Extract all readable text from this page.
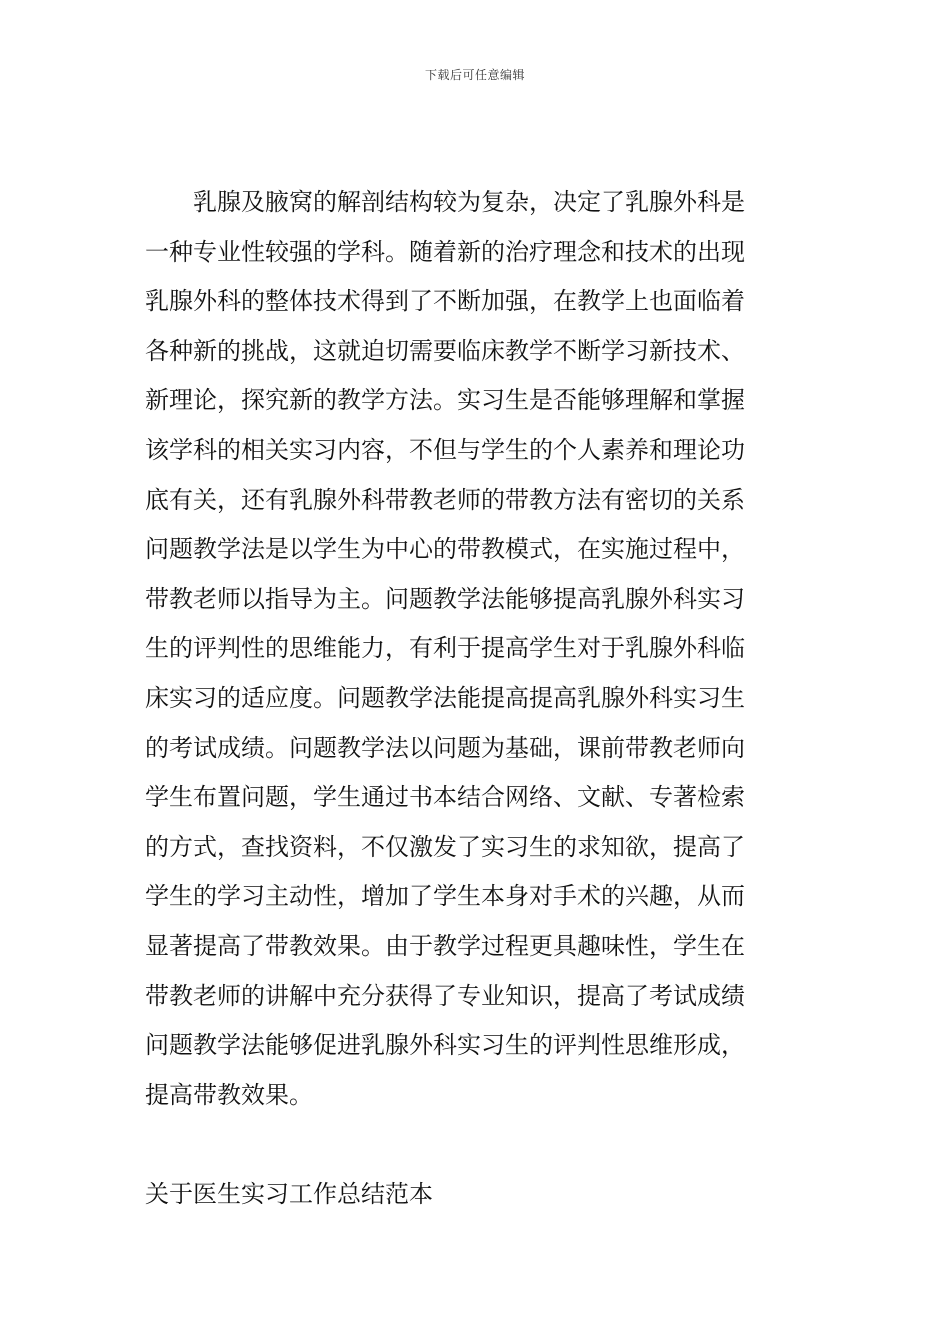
下载后可任意编辑
　　乳腺及腋窝的解剖结构较为复杂，决定了乳腺外科是
一种专业性较强的学科。随着新的治疗理念和技术的出现
乳腺外科的整体技术得到了不断加强，在教学上也面临着
各种新的挑战，这就迫切需要临床教学不断学习新技术、
新理论，探究新的教学方法。实习生是否能够理解和掌握
该学科的相关实习内容，不但与学生的个人素养和理论功
底有关，还有乳腺外科带教老师的带教方法有密切的关系
问题教学法是以学生为中心的带教模式，在实施过程中，
带教老师以指导为主。问题教学法能够提高乳腺外科实习
生的评判性的思维能力，有利于提高学生对于乳腺外科临
床实习的适应度。问题教学法能提高提高乳腺外科实习生
的考试成绩。问题教学法以问题为基础，课前带教老师向
学生布置问题，学生通过书本结合网络、文献、专著检索
的方式，查找资料，不仅激发了实习生的求知欲，提高了
学生的学习主动性，增加了学生本身对手术的兴趣，从而
显著提高了带教效果。由于教学过程更具趣味性，学生在
带教老师的讲解中充分获得了专业知识，提高了考试成绩
问题教学法能够促进乳腺外科实习生的评判性思维形成，
提高带教效果。
关于医生实习工作总结范本
